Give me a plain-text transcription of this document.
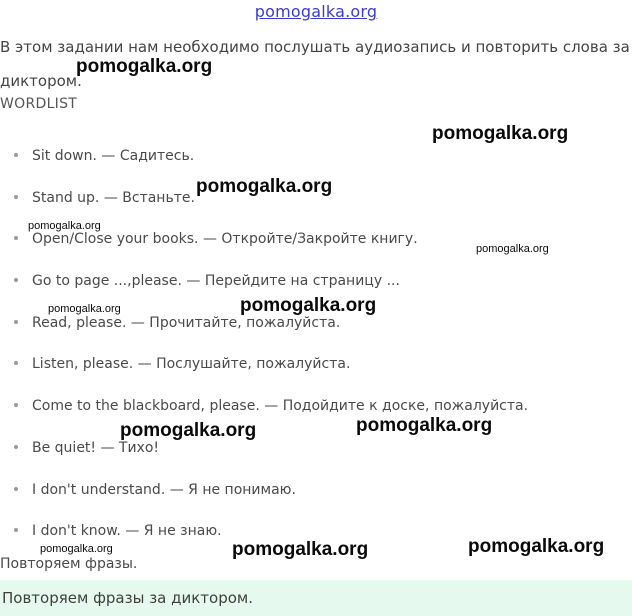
pomogalka.org

В этом задании нам необходимо послушать аудиозапись и повторить слова за диктором.

WORDLIST
Sit down. — Садитесь.
Stand up. — Встаньте.
Open/Close your books. — Откройте/Закройте книгу.
Go to page ...,please. — Перейдите на страницу ...
Read, please. — Прочитайте, пожалуйста.
Listen, please. — Послушайте, пожалуйста.
Come to the blackboard, please. — Подойдите к доске, пожалуйста.
Be quiet! — Тихо!
I don't understand. — Я не понимаю.
I don't know. — Я не знаю.
Повторяем фразы.
Повторяем фразы за диктором.
pomogalka.org
pomogalka.org
pomogalka.org
pomogalka.org
pomogalka.org
pomogalka.org	pomogalka.org
pomogalka.org	pomogalka.org
pomogalka.org	pomogalka.org	pomogalka.org
